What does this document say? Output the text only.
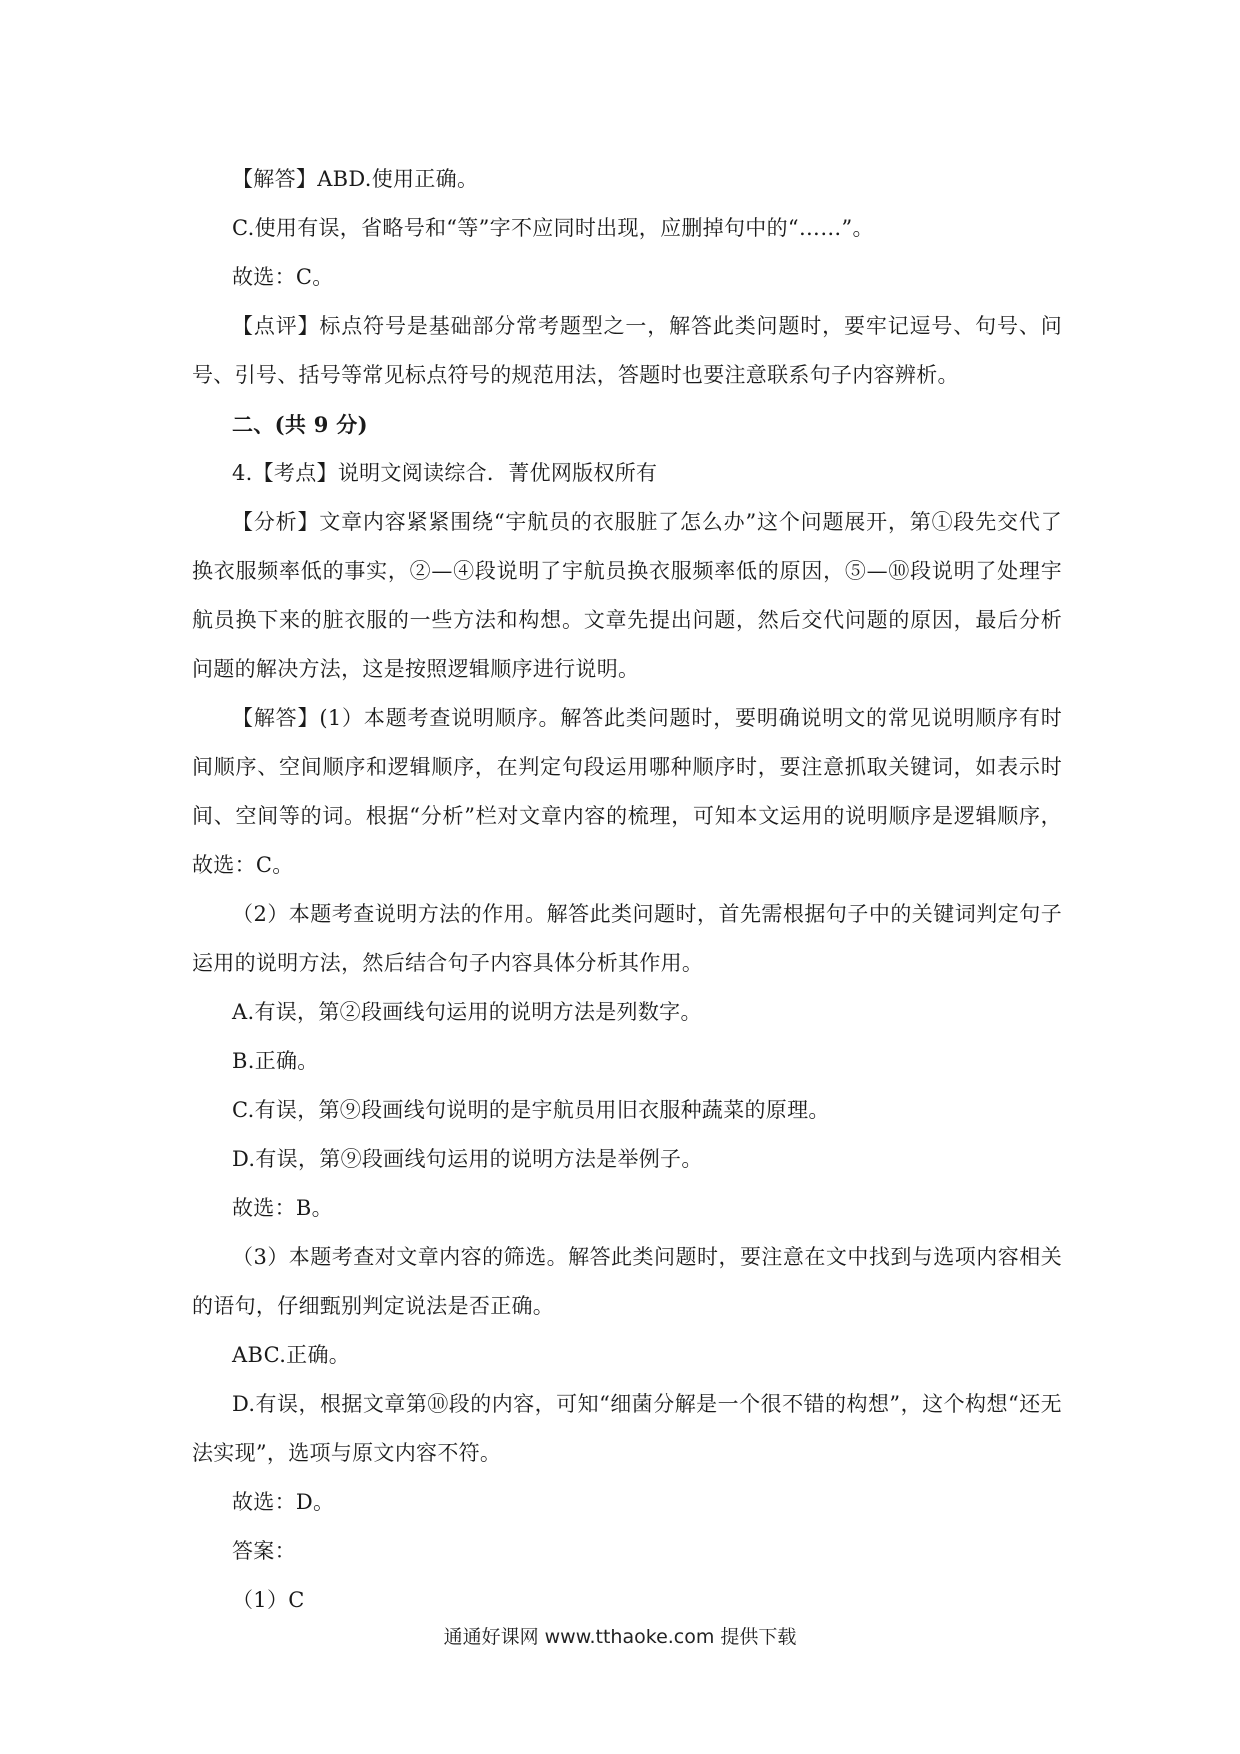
【解答】ABD.使用正确。

C.使用有误，省略号和“等”字不应同时出现，应删掉句中的“……”。

故选：C。

【点评】标点符号是基础部分常考题型之一，解答此类问题时，要牢记逗号、句号、问号、引号、括号等常见标点符号的规范用法，答题时也要注意联系句子内容辨析。

二、(共 9 分)

4.【考点】说明文阅读综合．菁优网版权所有

【分析】文章内容紧紧围绕“宇航员的衣服脏了怎么办”这个问题展开，第①段先交代了换衣服频率低的事实，②—④段说明了宇航员换衣服频率低的原因，⑤—⑩段说明了处理宇航员换下来的脏衣服的一些方法和构想。文章先提出问题，然后交代问题的原因，最后分析问题的解决方法，这是按照逻辑顺序进行说明。

【解答】(1）本题考查说明顺序。解答此类问题时，要明确说明文的常见说明顺序有时间顺序、空间顺序和逻辑顺序，在判定句段运用哪种顺序时，要注意抓取关键词，如表示时间、空间等的词。根据“分析”栏对文章内容的梳理，可知本文运用的说明顺序是逻辑顺序，故选：C。

（2）本题考查说明方法的作用。解答此类问题时，首先需根据句子中的关键词判定句子运用的说明方法，然后结合句子内容具体分析其作用。

A.有误，第②段画线句运用的说明方法是列数字。

B.正确。

C.有误，第⑨段画线句说明的是宇航员用旧衣服种蔬菜的原理。

D.有误，第⑨段画线句运用的说明方法是举例子。

故选：B。

（3）本题考查对文章内容的筛选。解答此类问题时，要注意在文中找到与选项内容相关的语句，仔细甄别判定说法是否正确。

ABC.正确。

D.有误，根据文章第⑩段的内容，可知“细菌分解是一个很不错的构想”，这个构想“还无法实现”，选项与原文内容不符。

故选：D。

答案：

（1）C

通通好课网 www.tthaoke.com 提供下载
